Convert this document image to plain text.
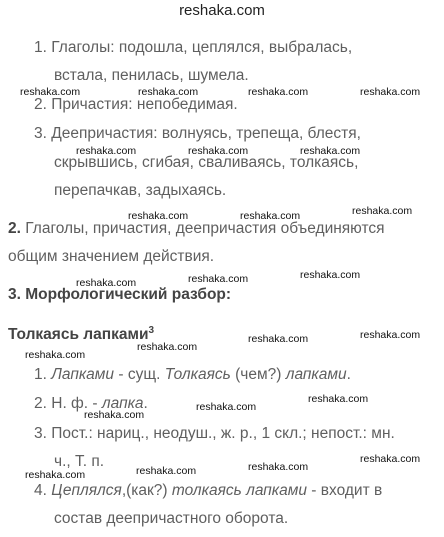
reshaka.com
1. Глаголы: подошла, цеплялся, выбралась,
встала, пенилась, шумела.
2. Причастия: непобедимая.
3. Деепричастия: волнуясь, трепеща, блестя,
скрывшись, сгибая, сваливаясь, толкаясь,
перепачкав, задыхаясь.
2. Глаголы, причастия, деепричастия объединяются
общим значением действия.
3. Морфологический разбор:
Толкаясь лапками$^3$
1. Лапками - сущ. Толкаясь (чем?) лапками.
2. Н. ф. - лапка.
3. Пост.: нариц., неодуш., ж. р., 1 скл.; непост.: мн.
ч., Т. п.
4. Цеплялся,(как?) толкаясь лапками - входит в
состав деепричастного оборота.
reshaka.com	reshaka.com	reshaka.com	reshaka.com
reshaka.com	reshaka.com	reshaka.com
reshaka.com
reshaka.com	reshaka.com
reshaka.com
reshaka.com
reshaka.com
reshaka.com
reshaka.com
reshaka.com
reshaka.com
reshaka.com
reshaka.com
reshaka.com
reshaka.com
reshaka.com
reshaka.com
reshaka.com
